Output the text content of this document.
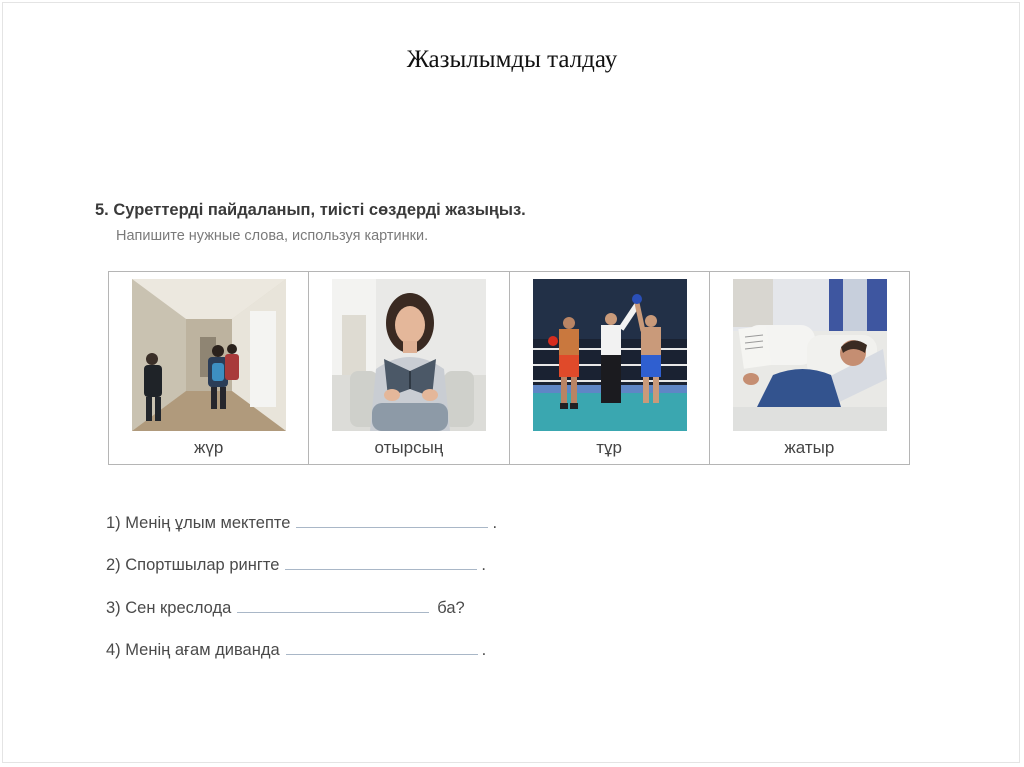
Жазылымды талдау
5. Суреттерді пайдаланып, тиісті сөздерді жазыңыз.
Напишите нужные слова, используя картинки.
жүр	отырсың	тұр	жатыр
1) Менің ұлым мектепте	.
2) Спортшылар рингте	.
3) Сен креслода	ба?
4) Менің ағам диванда	.
